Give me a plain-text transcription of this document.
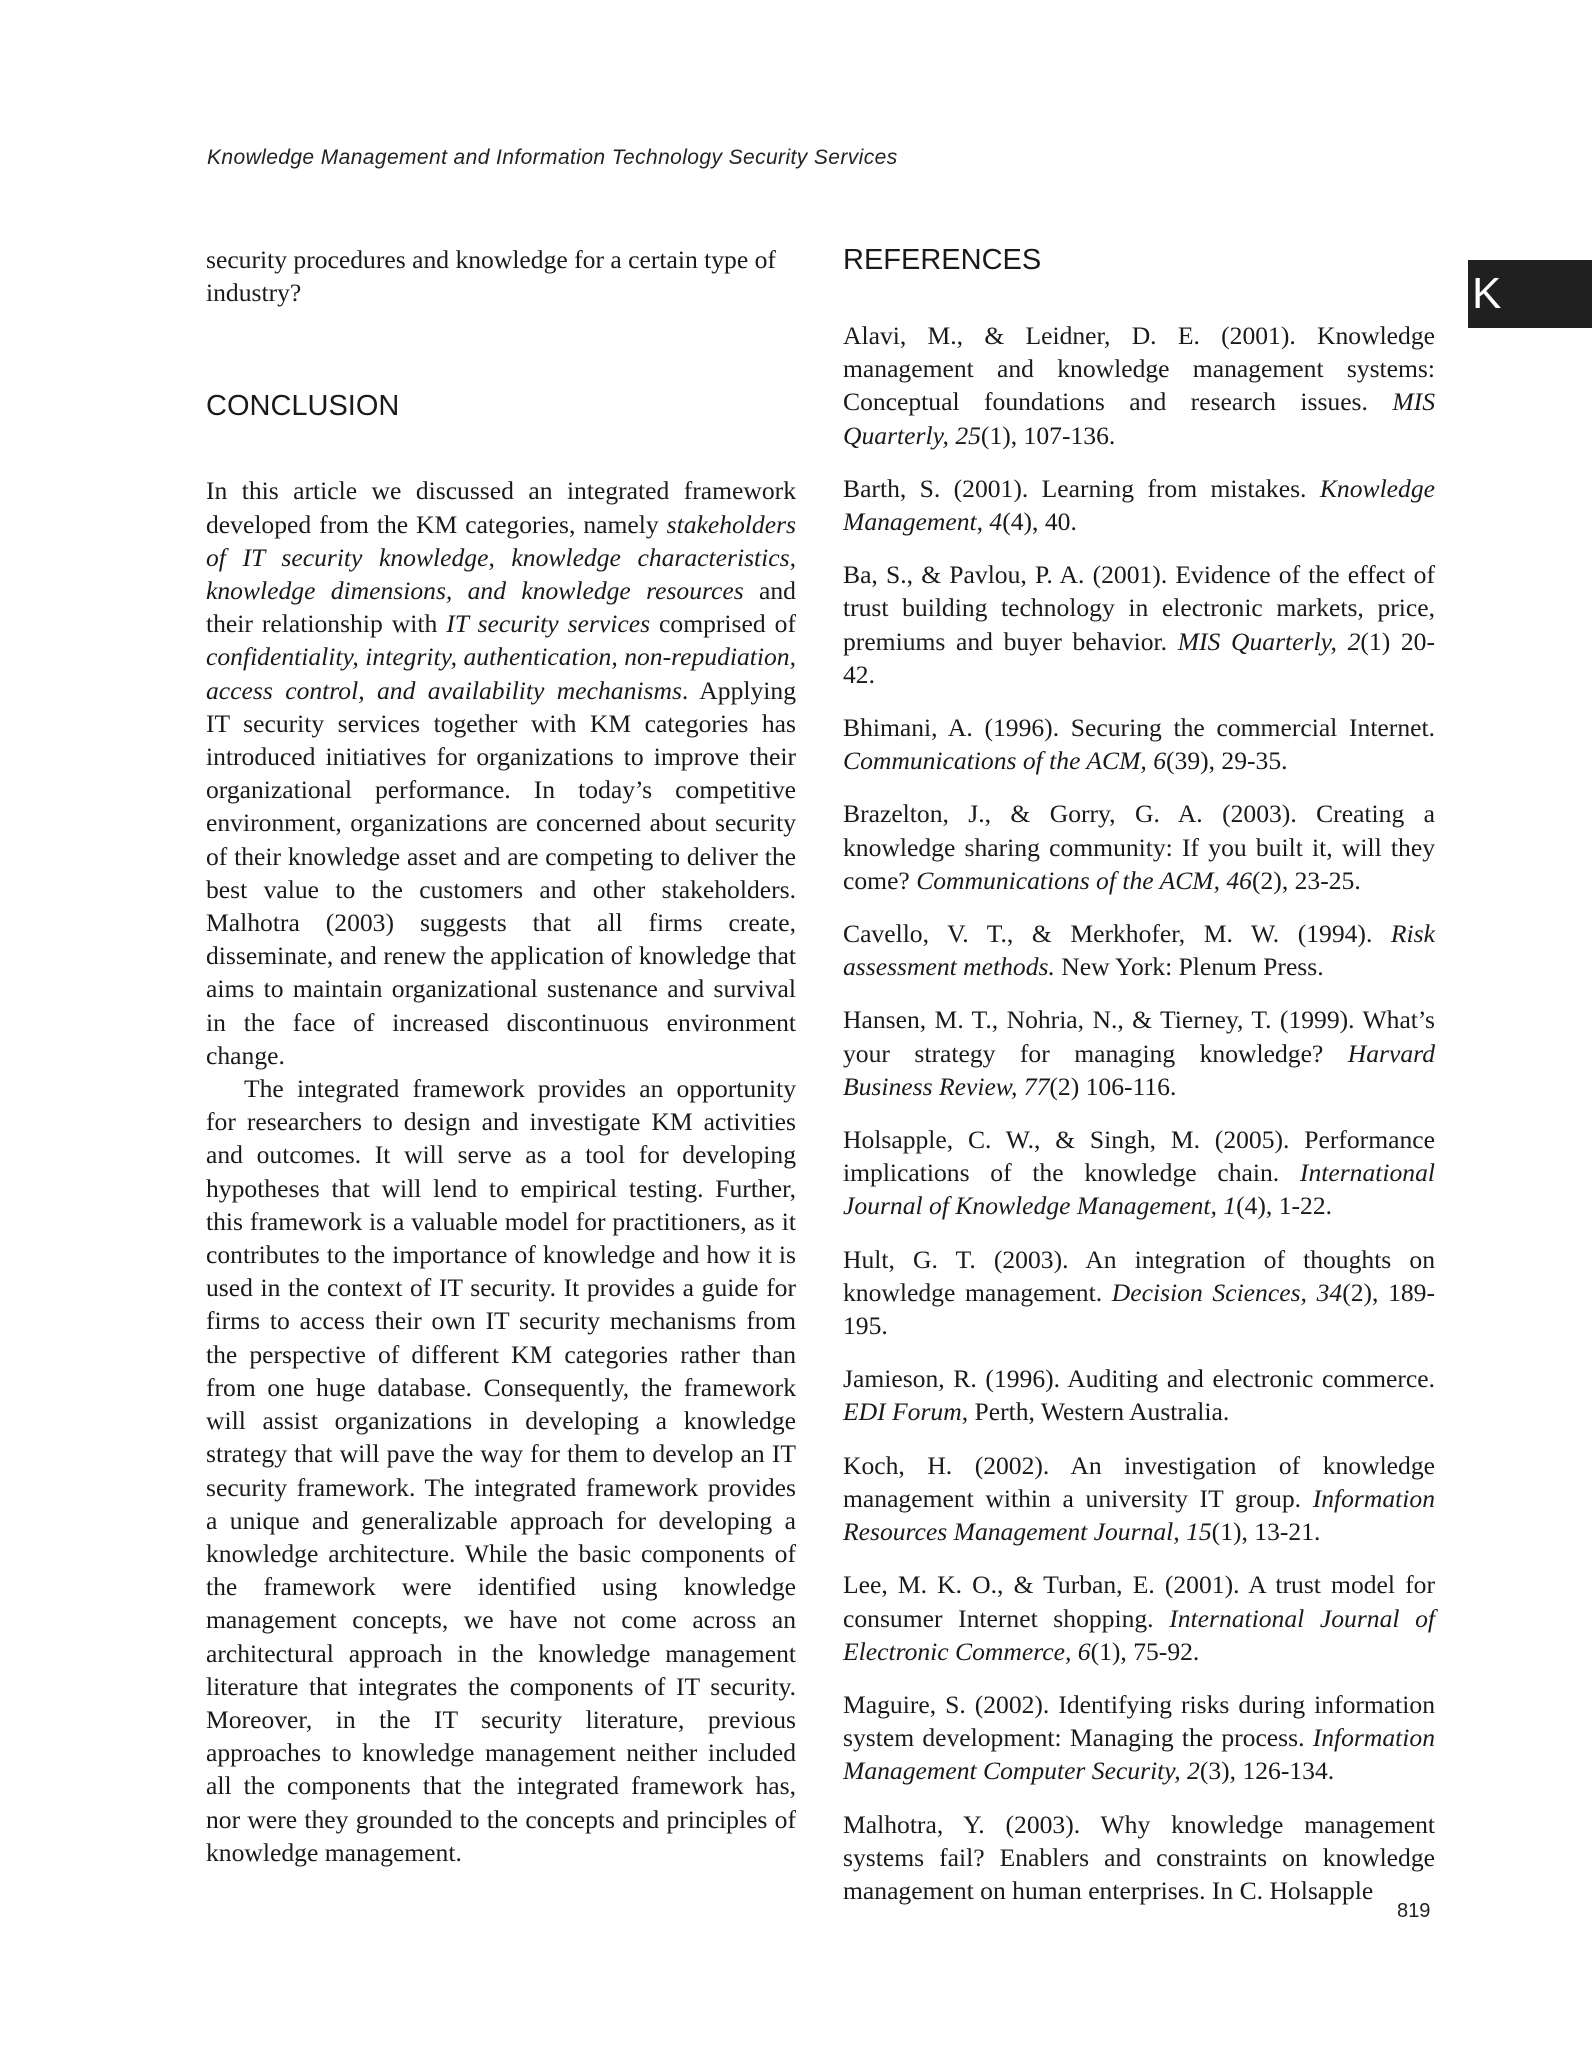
Knowledge Management and Information Technology Security Services
K

security procedures and knowledge for a certain type of industry?

CONCLUSION

In this article we discussed an integrated framework developed from the KM categories, namely stakeholders of IT security knowledge, knowledge characteristics, knowledge dimensions, and knowledge resources and their relationship with IT security services comprised of confidentiality, integrity, authentication, non-repudiation, access control, and availability mechanisms. Applying IT security services together with KM categories has introduced initiatives for organizations to improve their organizational performance. In today’s competitive environment, organizations are concerned about security of their knowledge asset and are competing to deliver the best value to the customers and other stakeholders. Malhotra (2003) suggests that all firms create, disseminate, and renew the application of knowledge that aims to maintain organizational sustenance and survival in the face of increased discontinuous environment change.

The integrated framework provides an opportunity for researchers to design and investigate KM activities and outcomes. It will serve as a tool for developing hypotheses that will lend to empirical testing. Further, this framework is a valuable model for practitioners, as it contributes to the importance of knowledge and how it is used in the context of IT security. It provides a guide for firms to access their own IT security mechanisms from the perspective of different KM categories rather than from one huge database. Consequently, the framework will assist organizations in developing a knowledge strategy that will pave the way for them to develop an IT security framework. The integrated framework provides a unique and generalizable approach for developing a knowledge architecture. While the basic components of the framework were identified using knowledge management concepts, we have not come across an architectural approach in the knowledge management literature that integrates the components of IT security. Moreover, in the IT security literature, previous approaches to knowledge management neither included all the components that the integrated framework has, nor were they grounded to the concepts and principles of knowledge management.

REFERENCES

Alavi, M., & Leidner, D. E. (2001). Knowledge management and knowledge management systems: Conceptual foundations and research issues. MIS Quarterly, 25(1), 107-136.

Barth, S. (2001). Learning from mistakes. Knowledge Management, 4(4), 40.

Ba, S., & Pavlou, P. A. (2001). Evidence of the effect of trust building technology in electronic markets, price, premiums and buyer behavior. MIS Quarterly, 2(1) 20-42.

Bhimani, A. (1996). Securing the commercial Internet. Communications of the ACM, 6(39), 29-35.

Brazelton, J., & Gorry, G. A. (2003). Creating a knowledge sharing community: If you built it, will they come? Communications of the ACM, 46(2), 23-25.

Cavello, V. T., & Merkhofer, M. W. (1994). Risk assessment methods. New York: Plenum Press.

Hansen, M. T., Nohria, N., & Tierney, T. (1999). What’s your strategy for managing knowledge? Harvard Business Review, 77(2) 106-116.

Holsapple, C. W., & Singh, M. (2005). Performance implications of the knowledge chain. International Journal of Knowledge Management, 1(4), 1-22.

Hult, G. T. (2003). An integration of thoughts on knowledge management. Decision Sciences, 34(2), 189-195.

Jamieson, R. (1996). Auditing and electronic commerce. EDI Forum, Perth, Western Australia.

Koch, H. (2002). An investigation of knowledge management within a university IT group. Information Resources Management Journal, 15(1), 13-21.

Lee, M. K. O., & Turban, E. (2001). A trust model for consumer Internet shopping. International Journal of Electronic Commerce, 6(1), 75-92.

Maguire, S. (2002). Identifying risks during information system development: Managing the process. Information Management Computer Security, 2(3), 126-134.

Malhotra, Y. (2003). Why knowledge management systems fail? Enablers and constraints on knowledge management on human enterprises. In C. Holsapple

819
